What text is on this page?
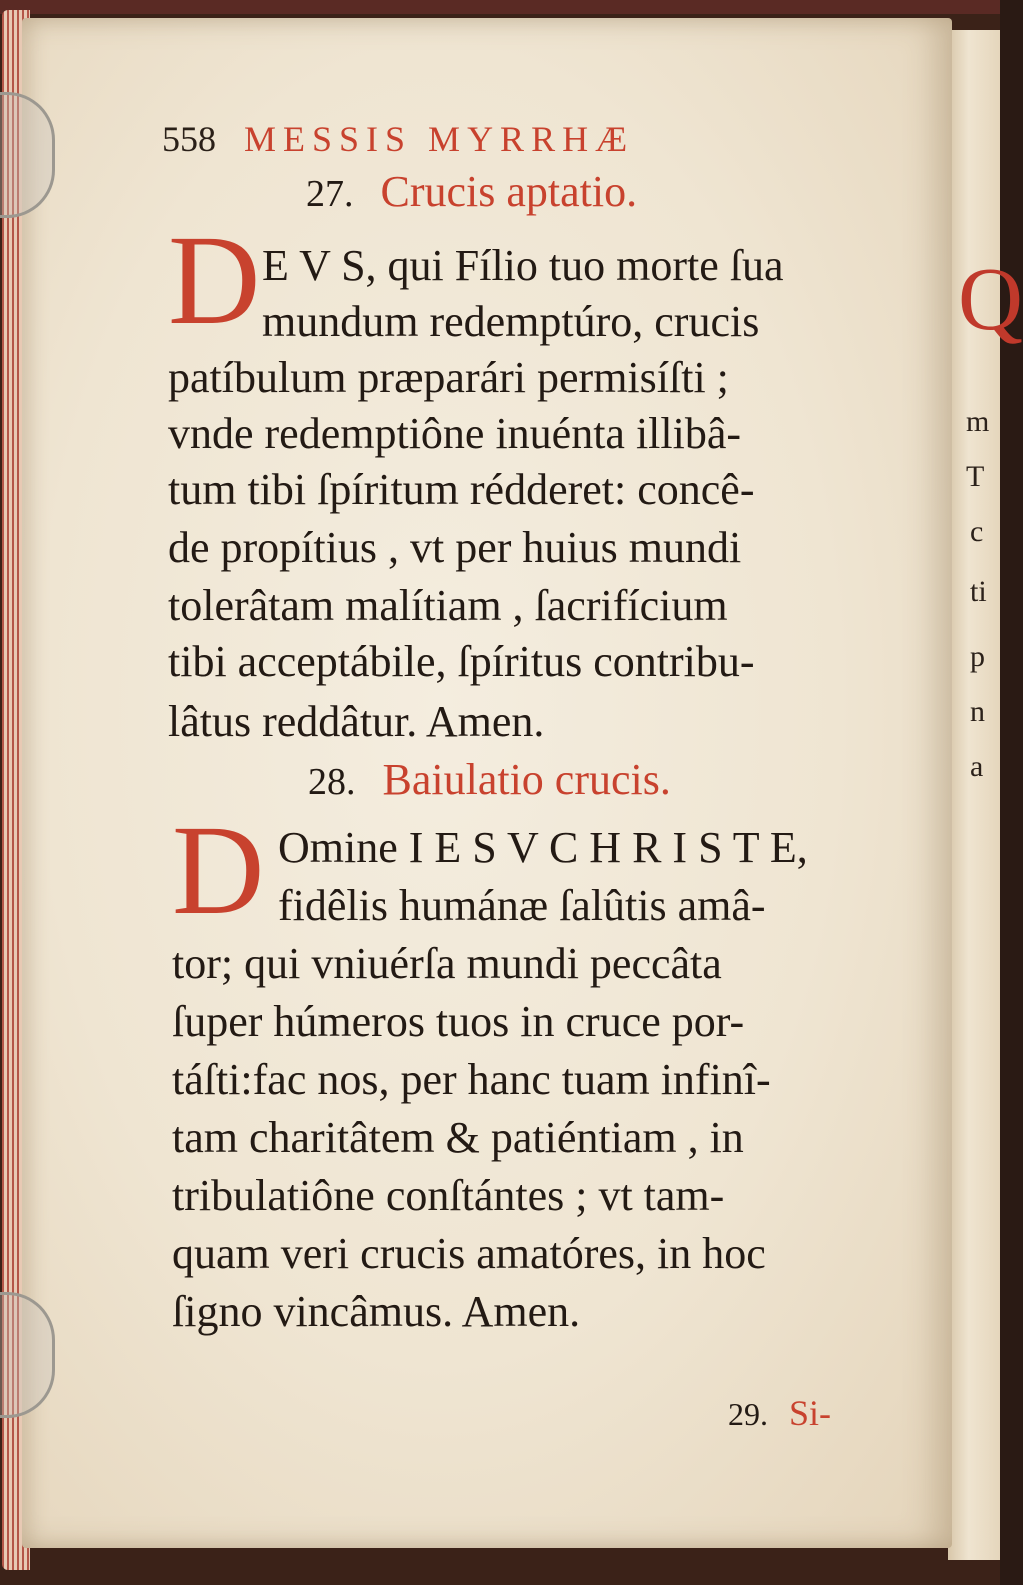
Q
m
T
c
ti
p
n
a
558 MESSIS MYRRHÆ
27. Crucis aptatio.
D E V S, qui Fílio tuo morte ſua
mundum redemptúro, crucis
patíbulum præparári permisíſti ;
vnde redemptiône inuénta illibâ-
tum tibi ſpíritum rédderet: concê-
de propítius , vt per huius mundi
tolerâtam malítiam , ſacrifícium
tibi acceptábile, ſpíritus contribu-
lâtus reddâtur. Amen.
28. Baiulatio crucis.
D Omine I E S V C H R I S T E,
fidêlis humánæ ſalûtis amâ-
tor; qui vniuérſa mundi peccâta
ſuper húmeros tuos in cruce por-
táſti:fac nos, per hanc tuam infinî-
tam charitâtem & patiéntiam , in
tribulatiône conſtántes ; vt tam-
quam veri crucis amatóres, in hoc
ſigno vincâmus. Amen.
29. Si-
